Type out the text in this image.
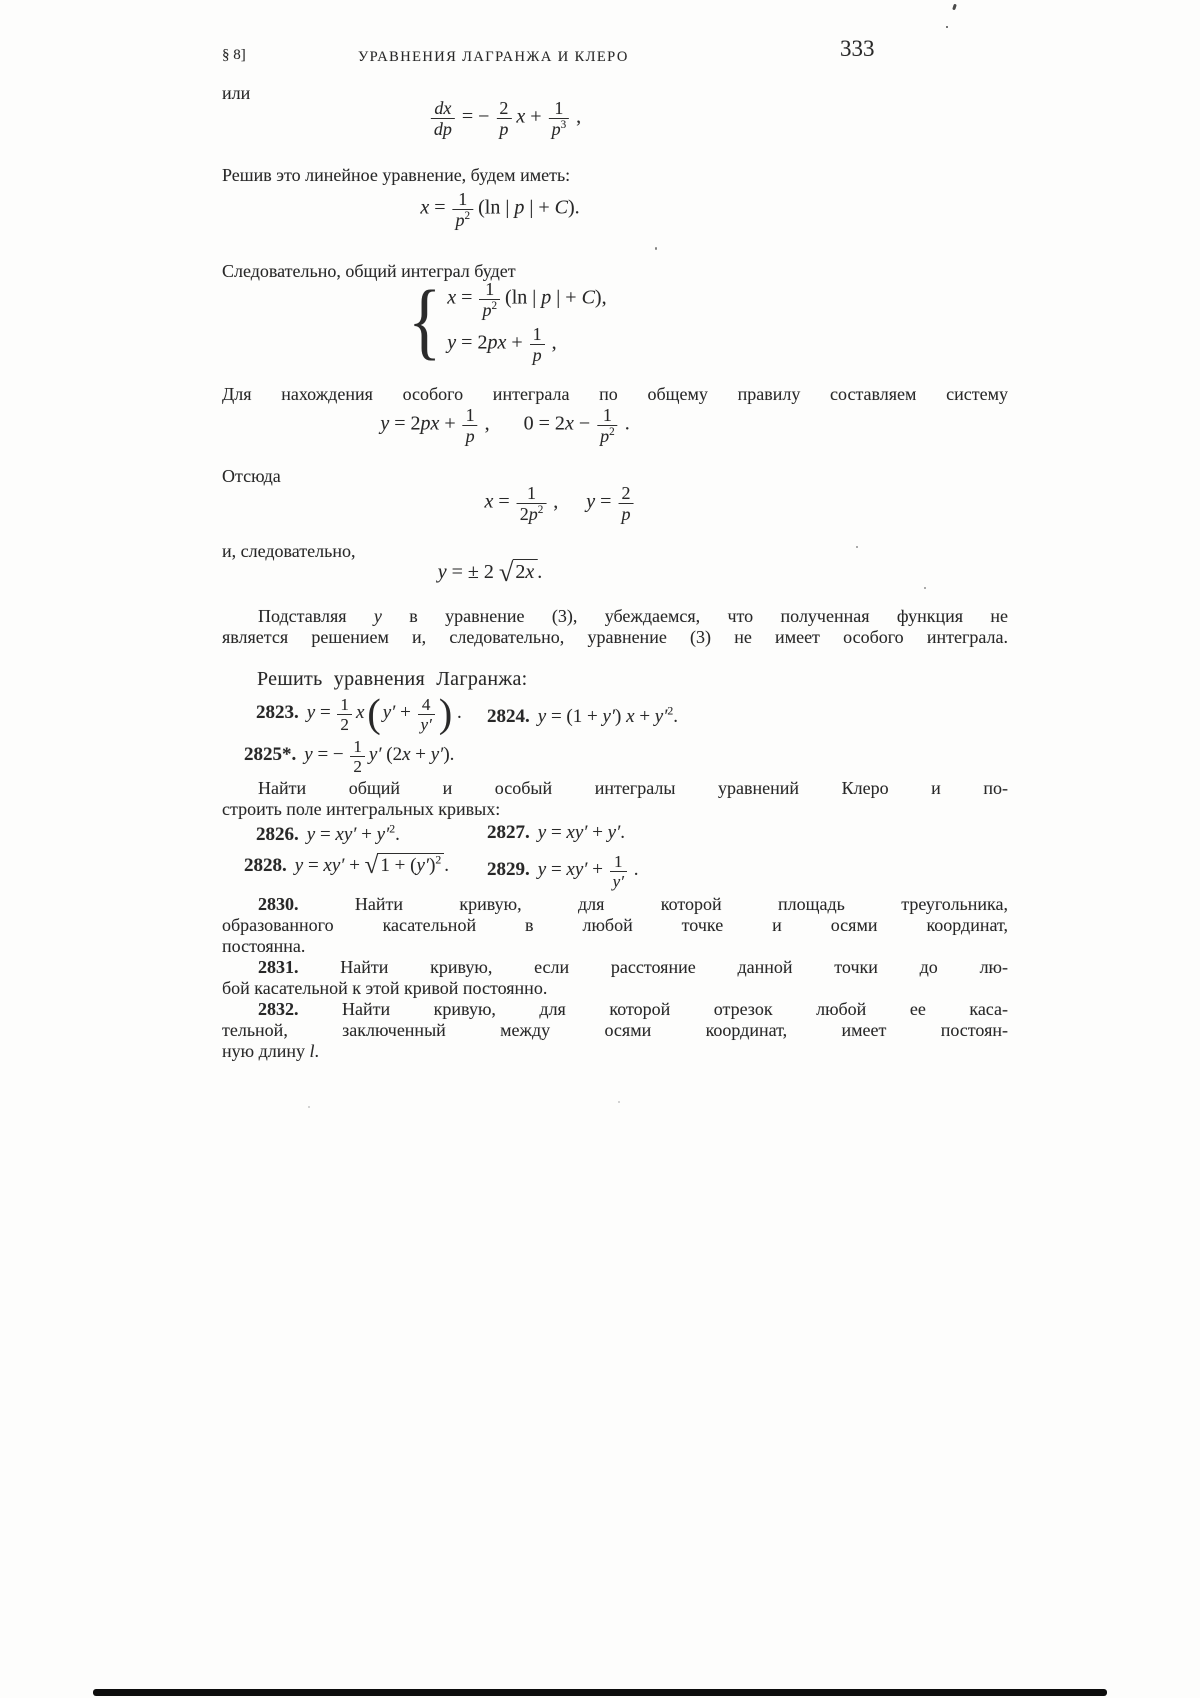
§ 8]	УРАВНЕНИЯ ЛАГРАНЖА И КЛЕРО	333
или
$\frac{dx}{dp}$ = − $\frac{2}{p}$ $x + \frac{1}{p^3}$ ,
Решив это линейное уравнение, будем иметь:
$x = \frac{1}{p^2} (\ln$ | p | + C).
Следовательно, общий интеграл будет
{ $x = \frac{1}{p^2} (\ln$ | p | + C),
$y = 2px + \frac{1}{p}$ ,
Для нахождения особого интеграла по общему правилу составляем систему
$y = 2px + \frac{1}{p}$ , $0 = 2x - \frac{1}{p^2}$ .
Отсюда
$x = \frac{1}{2p^2}$ , $y = \frac{2}{p}$
и, следовательно,
y = ± 2 √ 2x .
Подставляя y в уравнение (3), убеждаемся, что полученная функция не
является решением и, следовательно, уравнение (3) не имеет особого интеграла.
Решить уравнения Лагранжа:
2823. $y = \frac{1}{2} x$( $y' + \frac{4}{y'}$ ) . 2824. y = (1 + y′) $x + y'^2$.
2825*. y = − $\frac{1}{2} y'$ (2x + y′).
Найти общий и особый интегралы уравнений Клеро и по-
строить поле интегральных кривых:
2826. $y = xy' + y'^2$.	2827. y = xy′ + y′.
2828. y = xy′ + √ $1 + (y')^2$ . 2829. $y = xy' + \frac{1}{y'}$ .
2830. Найти кривую, для которой площадь треугольника,
образованного касательной в любой точке и осями координат,
постоянна.
2831. Найти кривую, если расстояние данной точки до лю-
бой касательной к этой кривой постоянно.
2832. Найти кривую, для которой отрезок любой ее каса-
тельной, заключенный между осями координат, имеет постоян-
ную длину l.
